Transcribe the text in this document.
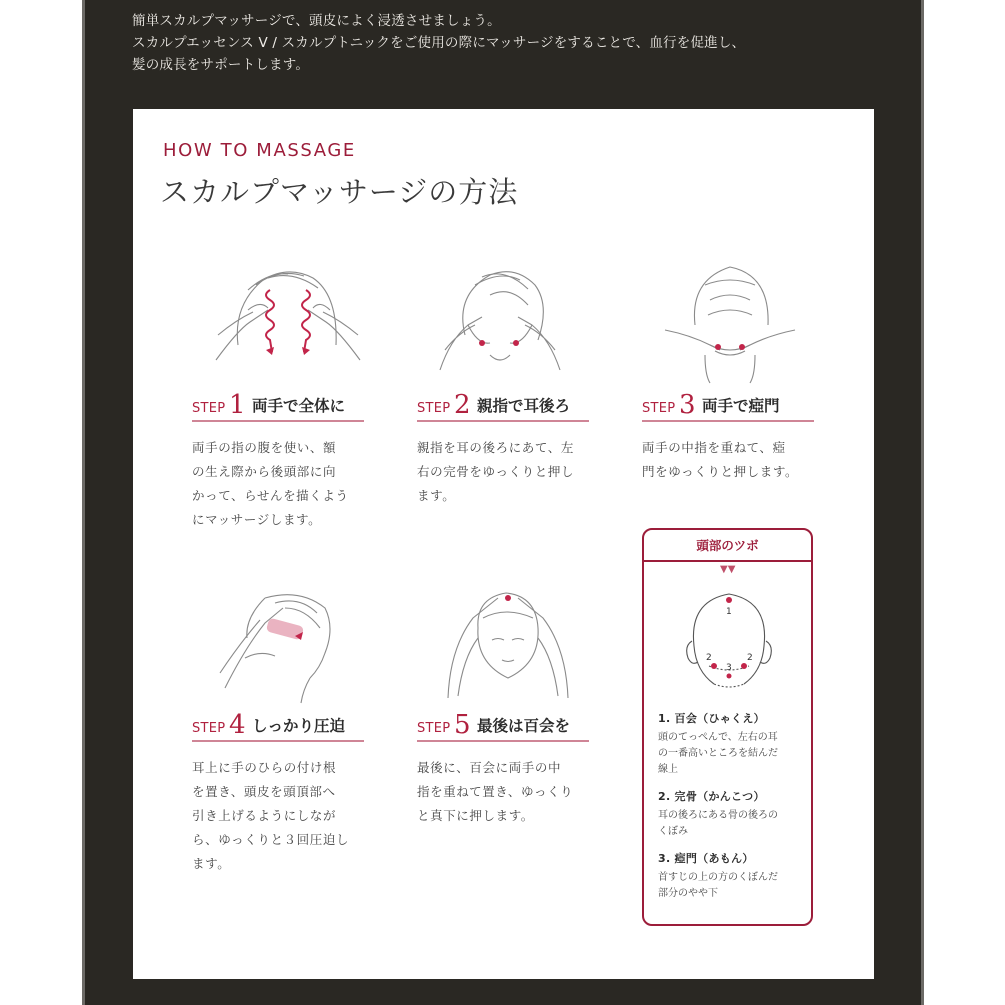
簡単スカルプマッサージで、頭皮によく浸透させましょう。

スカルプエッセンス V / スカルプトニックをご使用の際にマッサージをすることで、血行を促進し、

髪の成長をサポートします。

HOW TO MASSAGE
スカルプマッサージの方法
STEP 1 両手で全体に
両手の指の腹を使い、額
の生え際から後頭部に向
かって、らせんを描くよう
にマッサージします。
STEP 2 親指で耳後ろ
親指を耳の後ろにあて、左
右の完骨をゆっくりと押し
ます。
STEP 3 両手で瘂門
両手の中指を重ねて、瘂
門をゆっくりと押します。
STEP 4 しっかり圧迫
耳上に手のひらの付け根
を置き、頭皮を頭頂部へ
引き上げるようにしなが
ら、ゆっくりと３回圧迫し
ます。
STEP 5 最後は百会を
最後に、百会に両手の中
指を重ねて置き、ゆっくり
と真下に押します。
頭部のツボ
▼▼
1
2
3
2
1. 百会（ひゃくえ）
頭のてっぺんで、左右の耳
の一番高いところを結んだ
線上
2. 完骨（かんこつ）
耳の後ろにある骨の後ろの
くぼみ
3. 瘂門（あもん）
首すじの上の方のくぼんだ
部分のやや下
